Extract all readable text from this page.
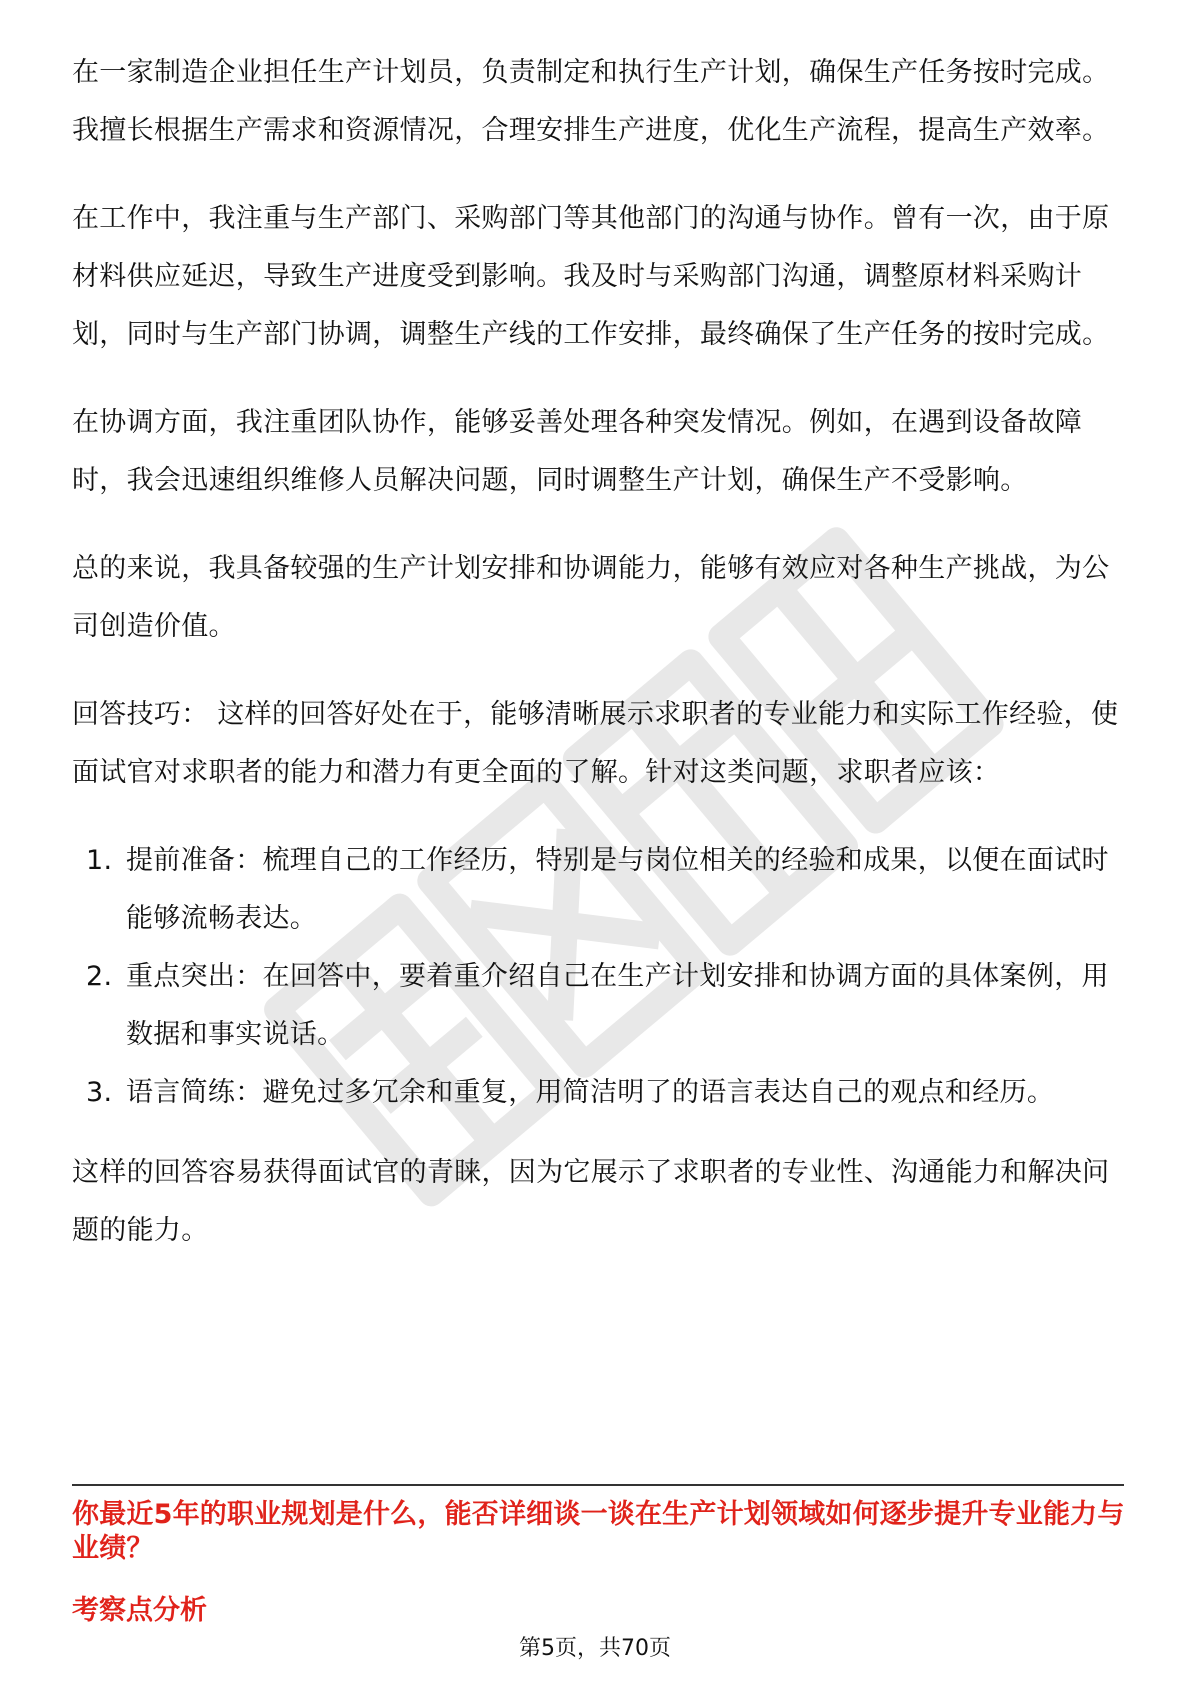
在一家制造企业担任生产计划员，负责制定和执行生产计划，确保生产任务按时完成。我擅长根据生产需求和资源情况，合理安排生产进度，优化生产流程，提高生产效率。

在工作中，我注重与生产部门、采购部门等其他部门的沟通与协作。曾有一次，由于原材料供应延迟，导致生产进度受到影响。我及时与采购部门沟通，调整原材料采购计划，同时与生产部门协调，调整生产线的工作安排，最终确保了生产任务的按时完成。

在协调方面，我注重团队协作，能够妥善处理各种突发情况。例如，在遇到设备故障时，我会迅速组织维修人员解决问题，同时调整生产计划，确保生产不受影响。

总的来说，我具备较强的生产计划安排和协调能力，能够有效应对各种生产挑战，为公司创造价值。

回答技巧： 这样的回答好处在于，能够清晰展示求职者的专业能力和实际工作经验，使面试官对求职者的能力和潜力有更全面的了解。针对这类问题，求职者应该：

1. 提前准备：梳理自己的工作经历，特别是与岗位相关的经验和成果，以便在面试时能够流畅表达。
2. 重点突出：在回答中，要着重介绍自己在生产计划安排和协调方面的具体案例，用数据和事实说话。
3. 语言简练：避免过多冗余和重复，用简洁明了的语言表达自己的观点和经历。

这样的回答容易获得面试官的青睐，因为它展示了求职者的专业性、沟通能力和解决问题的能力。

你最近5年的职业规划是什么，能否详细谈一谈在生产计划领域如何逐步提升专业能力与业绩？

考察点分析

第5页，共70页
